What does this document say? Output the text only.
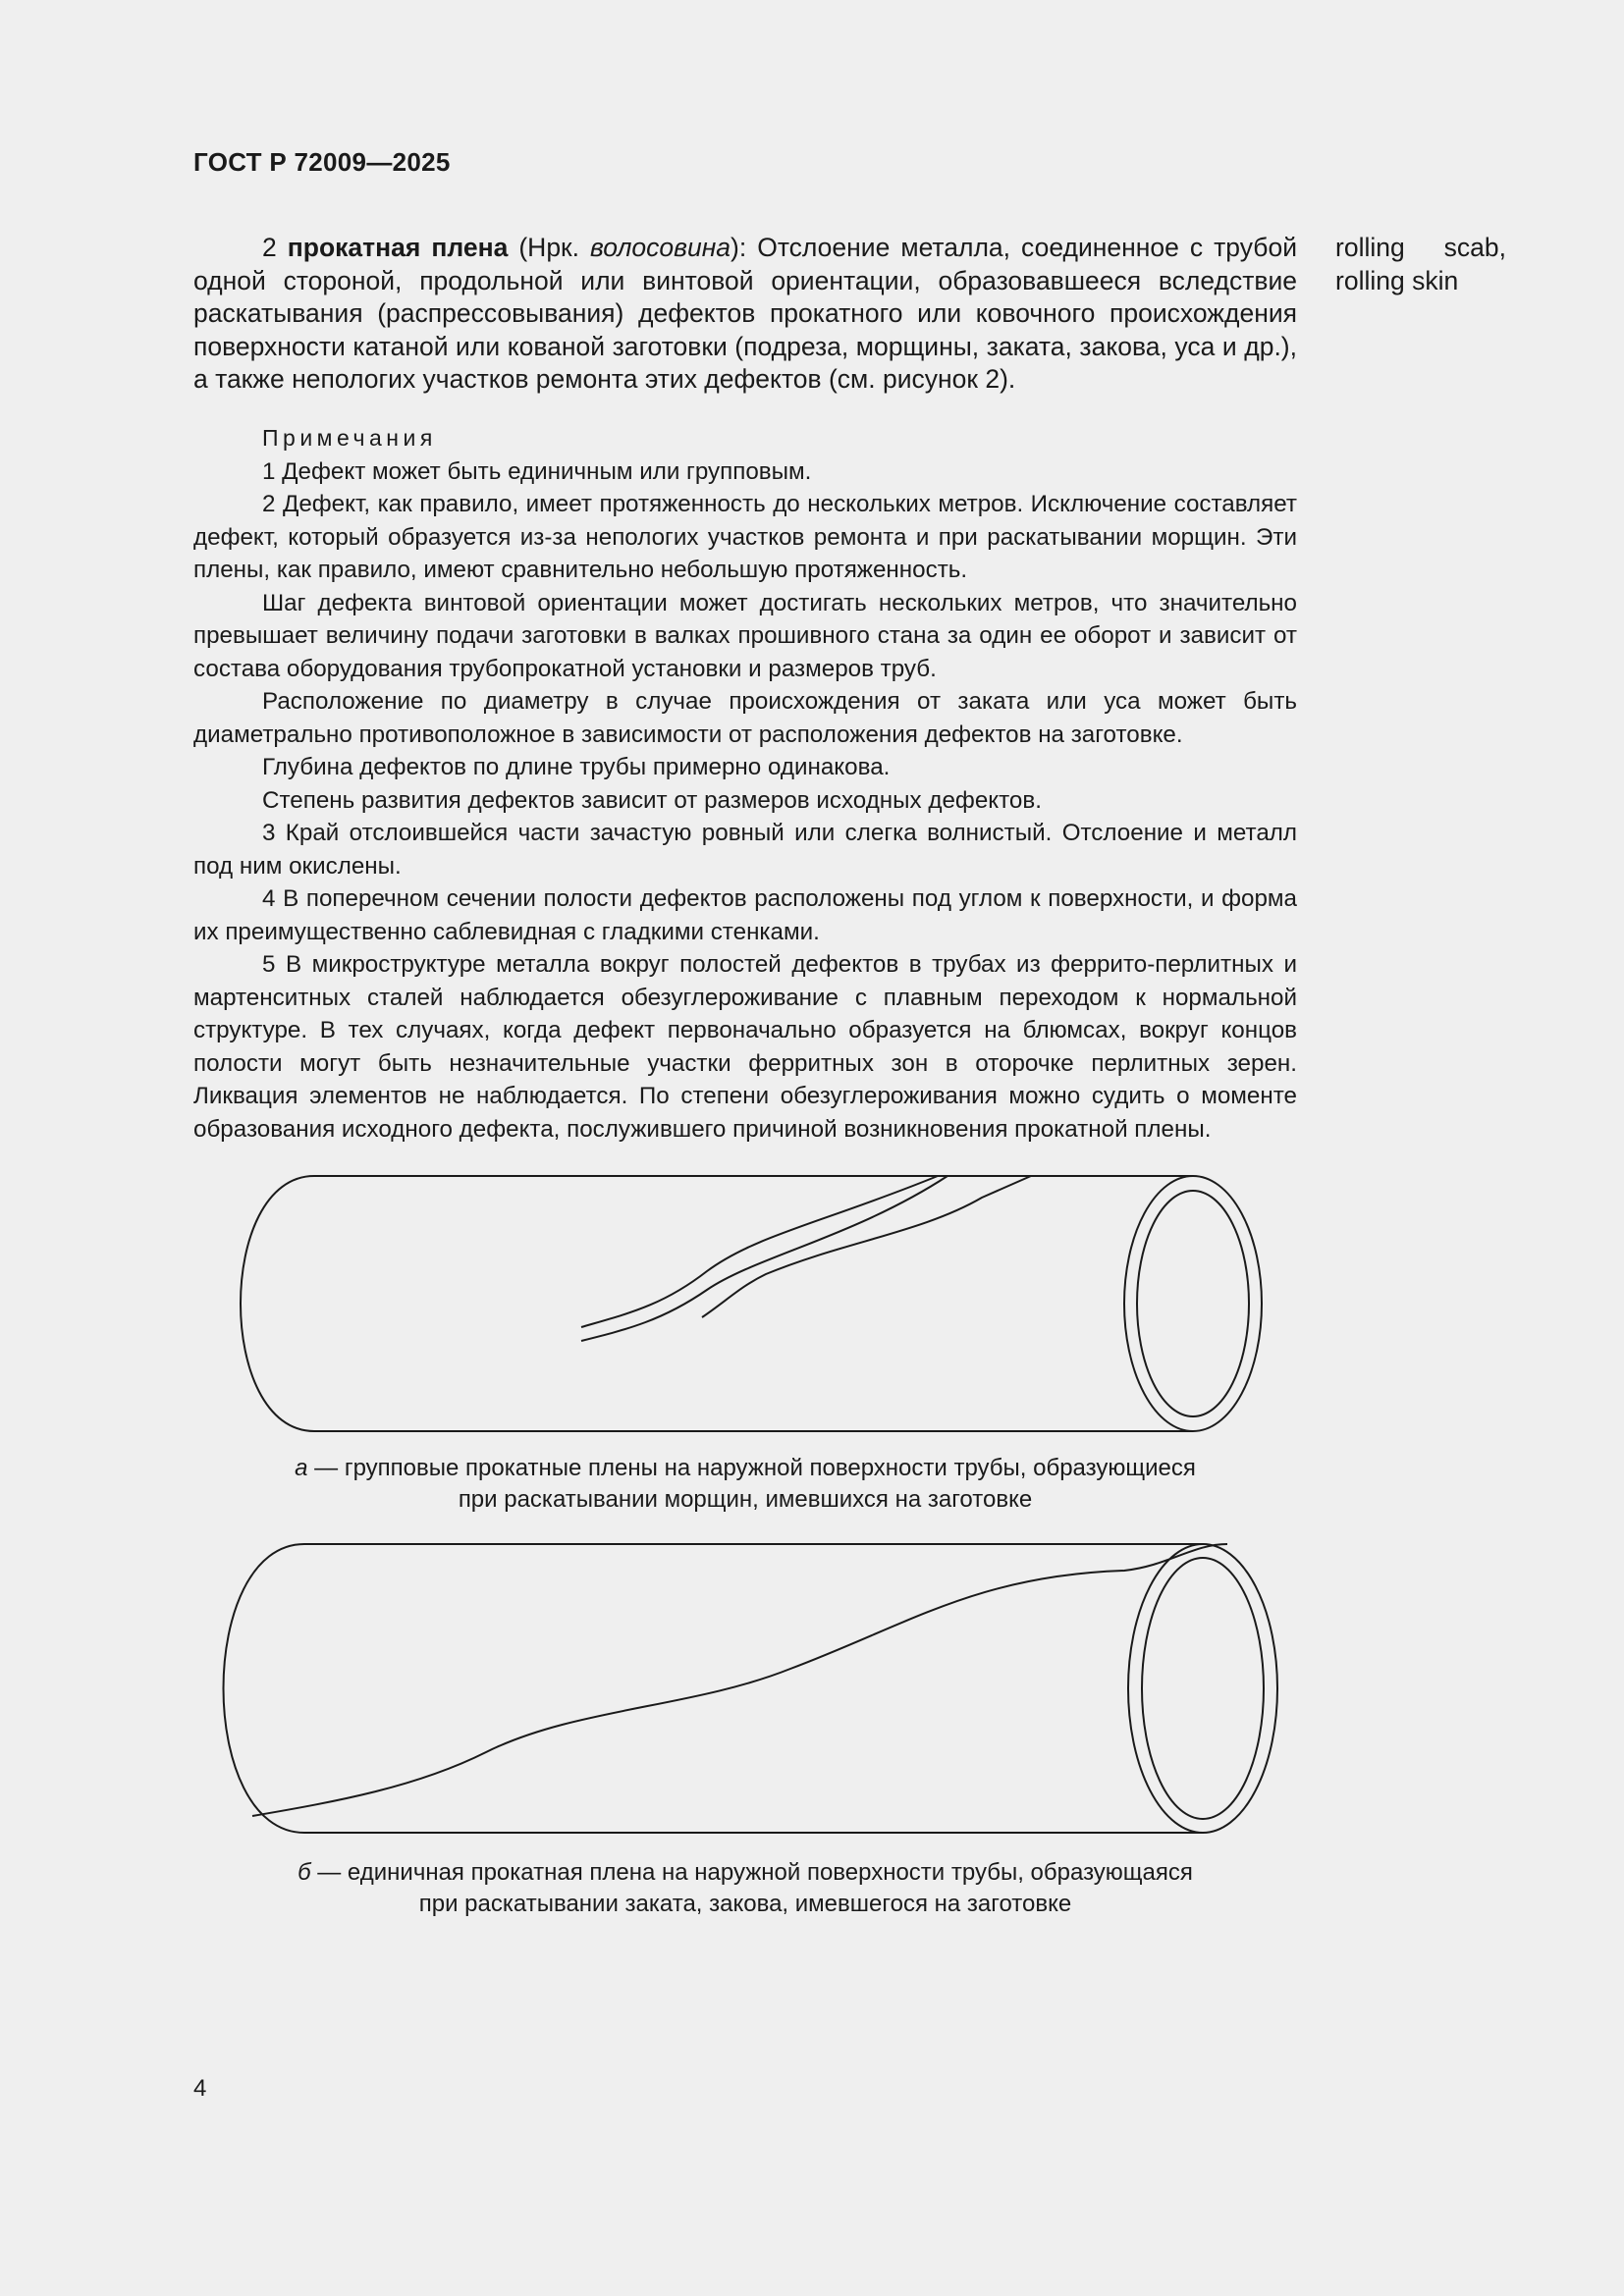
ГОСТ Р 72009—2025

2 прокатная плена (Нрк. волосовина): Отслоение металла, соединенное с трубой одной стороной, продольной или винтовой ориентации, образовавшееся вследствие раскатывания (распрессовывания) дефектов прокатного или ковочного происхождения поверхности катаной или кованой заготовки (подреза, морщины, заката, закова, уса и др.), а также непологих участков ремонта этих дефектов (см. рисунок 2).

rolling scab,
rolling skin

Примечания

1 Дефект может быть единичным или групповым.

2 Дефект, как правило, имеет протяженность до нескольких метров. Исключение составляет дефект, который образуется из-за непологих участков ремонта и при раскатывании морщин. Эти плены, как правило, имеют сравнительно небольшую протяженность.

Шаг дефекта винтовой ориентации может достигать нескольких метров, что значительно превышает величину подачи заготовки в валках прошивного стана за один ее оборот и зависит от состава оборудования трубопрокатной установки и размеров труб.

Расположение по диаметру в случае происхождения от заката или уса может быть диаметрально противоположное в зависимости от расположения дефектов на заготовке.

Глубина дефектов по длине трубы примерно одинакова.

Степень развития дефектов зависит от размеров исходных дефектов.

3 Край отслоившейся части зачастую ровный или слегка волнистый. Отслоение и металл под ним окислены.

4 В поперечном сечении полости дефектов расположены под углом к поверхности, и форма их преимущественно саблевидная с гладкими стенками.

5 В микроструктуре металла вокруг полостей дефектов в трубах из феррито-перлитных и мартенситных сталей наблюдается обезуглероживание с плавным переходом к нормальной структуре. В тех случаях, когда дефект первоначально образуется на блюмсах, вокруг концов полости могут быть незначительные участки ферритных зон в оторочке перлитных зерен. Ликвация элементов не наблюдается. По степени обезуглероживания можно судить о моменте образования исходного дефекта, послужившего причиной возникновения прокатной плены.

а — групповые прокатные плены на наружной поверхности трубы, образующиеся
при раскатывании морщин, имевшихся на заготовке
б — единичная прокатная плена на наружной поверхности трубы, образующаяся
при раскатывании заката, закова, имевшегося на заготовке
4
